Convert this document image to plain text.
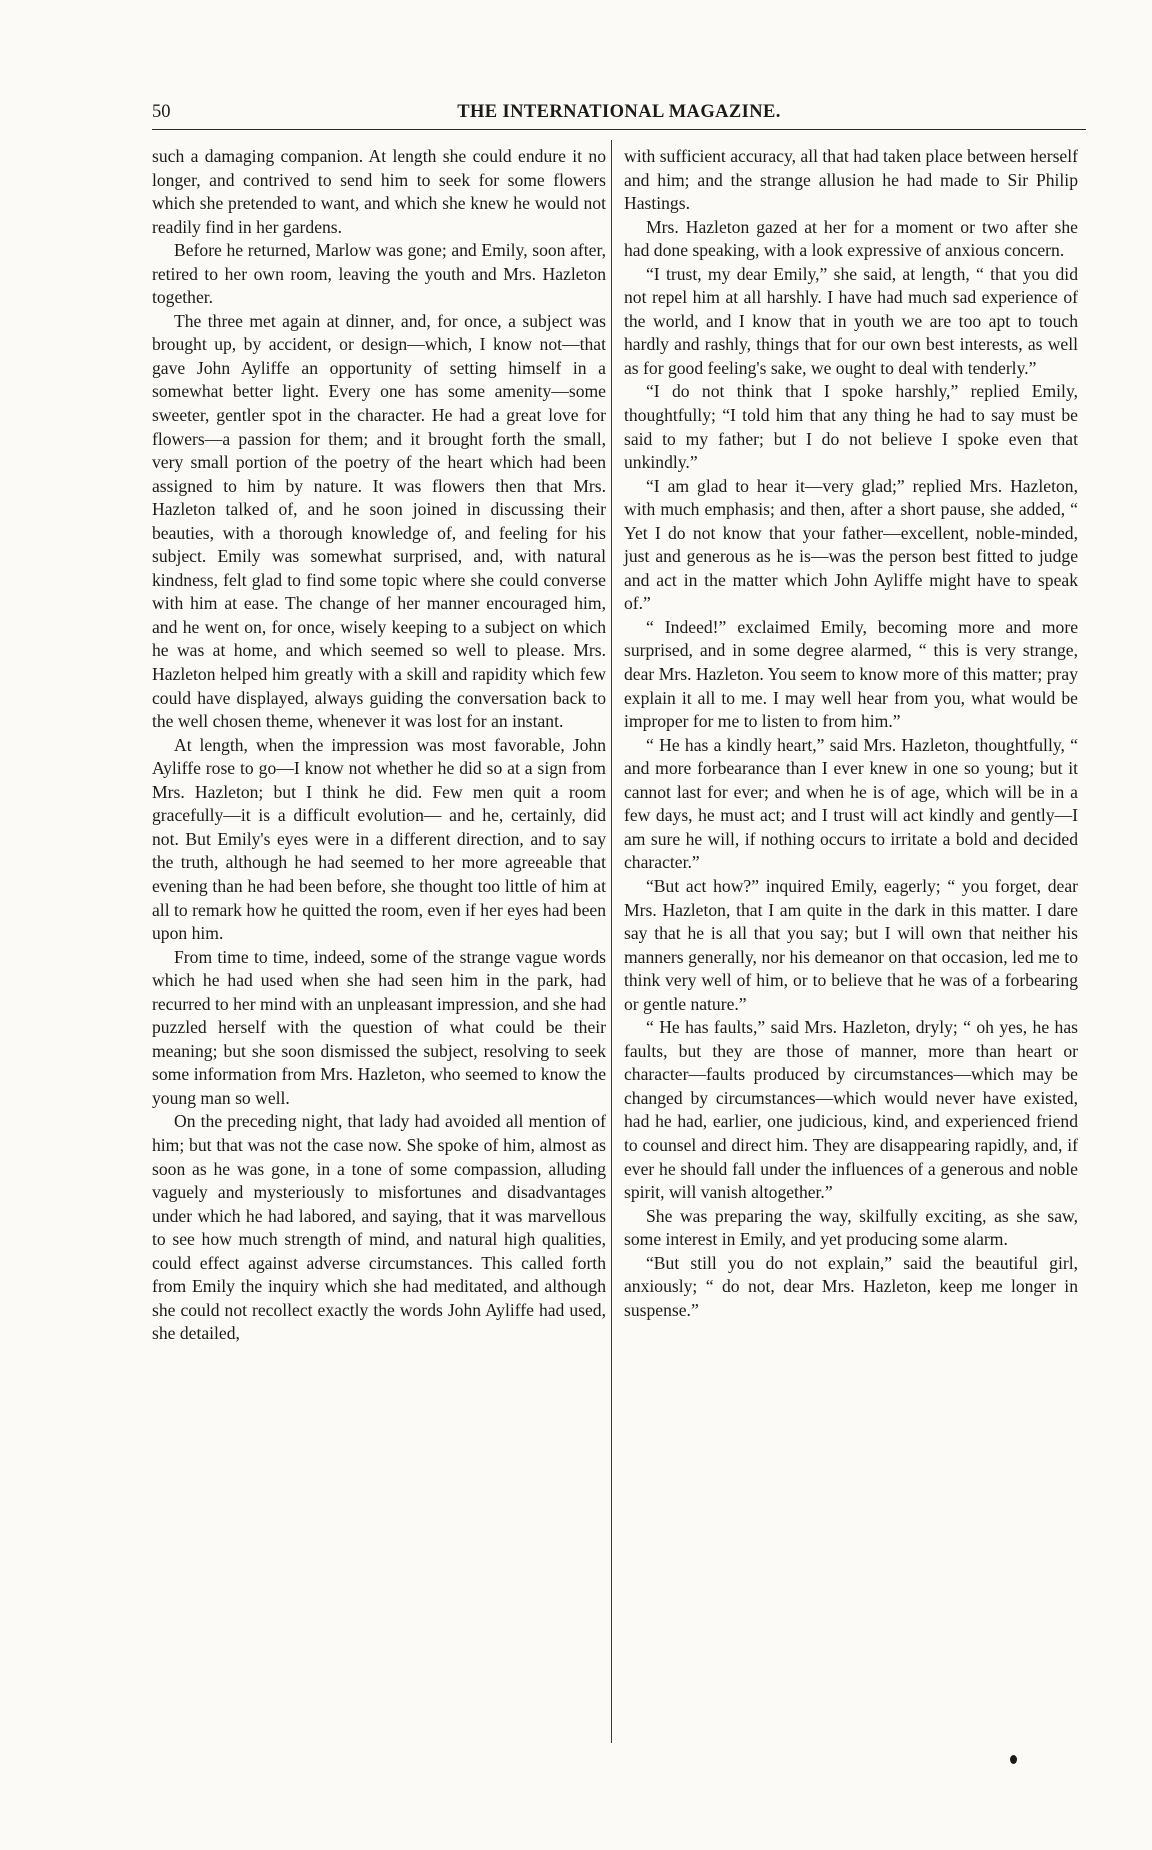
50	THE INTERNATIONAL MAGAZINE.

such a damaging companion. At length she could endure it no longer, and contrived to send him to seek for some flowers which she pretended to want, and which she knew he would not readily find in her gardens.

Before he returned, Marlow was gone; and Emily, soon after, retired to her own room, leaving the youth and Mrs. Hazleton together.

The three met again at dinner, and, for once, a subject was brought up, by accident, or design—which, I know not—that gave John Ayliffe an opportunity of setting himself in a somewhat better light. Every one has some amenity—some sweeter, gentler spot in the character. He had a great love for flowers—a passion for them; and it brought forth the small, very small portion of the poetry of the heart which had been assigned to him by nature. It was flowers then that Mrs. Hazleton talked of, and he soon joined in discussing their beauties, with a thorough knowledge of, and feeling for his subject. Emily was somewhat surprised, and, with natural kindness, felt glad to find some topic where she could converse with him at ease. The change of her manner encouraged him, and he went on, for once, wisely keeping to a subject on which he was at home, and which seemed so well to please. Mrs. Hazleton helped him greatly with a skill and rapidity which few could have displayed, always guiding the conversation back to the well chosen theme, whenever it was lost for an instant.

At length, when the impression was most favorable, John Ayliffe rose to go—I know not whether he did so at a sign from Mrs. Hazleton; but I think he did. Few men quit a room gracefully—it is a difficult evolution— and he, certainly, did not. But Emily's eyes were in a different direction, and to say the truth, although he had seemed to her more agreeable that evening than he had been before, she thought too little of him at all to remark how he quitted the room, even if her eyes had been upon him.

From time to time, indeed, some of the strange vague words which he had used when she had seen him in the park, had recurred to her mind with an unpleasant impression, and she had puzzled herself with the question of what could be their meaning; but she soon dismissed the subject, resolving to seek some information from Mrs. Hazleton, who seemed to know the young man so well.

On the preceding night, that lady had avoided all mention of him; but that was not the case now. She spoke of him, almost as soon as he was gone, in a tone of some compassion, alluding vaguely and mysteriously to misfortunes and disadvantages under which he had labored, and saying, that it was marvellous to see how much strength of mind, and natural high qualities, could effect against adverse circumstances. This called forth from Emily the inquiry which she had meditated, and although she could not recollect exactly the words John Ayliffe had used, she detailed,

with sufficient accuracy, all that had taken place between herself and him; and the strange allusion he had made to Sir Philip Hastings.

Mrs. Hazleton gazed at her for a moment or two after she had done speaking, with a look expressive of anxious concern.

“I trust, my dear Emily,” she said, at length, “ that you did not repel him at all harshly. I have had much sad experience of the world, and I know that in youth we are too apt to touch hardly and rashly, things that for our own best interests, as well as for good feeling's sake, we ought to deal with tenderly.”

“I do not think that I spoke harshly,” replied Emily, thoughtfully; “I told him that any thing he had to say must be said to my father; but I do not believe I spoke even that unkindly.”

“I am glad to hear it—very glad;” replied Mrs. Hazleton, with much emphasis; and then, after a short pause, she added, “ Yet I do not know that your father—excellent, noble-minded, just and generous as he is—was the person best fitted to judge and act in the matter which John Ayliffe might have to speak of.”

“ Indeed!” exclaimed Emily, becoming more and more surprised, and in some degree alarmed, “ this is very strange, dear Mrs. Hazleton. You seem to know more of this matter; pray explain it all to me. I may well hear from you, what would be improper for me to listen to from him.”

“ He has a kindly heart,” said Mrs. Hazleton, thoughtfully, “ and more forbearance than I ever knew in one so young; but it cannot last for ever; and when he is of age, which will be in a few days, he must act; and I trust will act kindly and gently—I am sure he will, if nothing occurs to irritate a bold and decided character.”

“But act how?” inquired Emily, eagerly; “ you forget, dear Mrs. Hazleton, that I am quite in the dark in this matter. I dare say that he is all that you say; but I will own that neither his manners generally, nor his demeanor on that occasion, led me to think very well of him, or to believe that he was of a forbearing or gentle nature.”

“ He has faults,” said Mrs. Hazleton, dryly; “ oh yes, he has faults, but they are those of manner, more than heart or character—faults produced by circumstances—which may be changed by circumstances—which would never have existed, had he had, earlier, one judicious, kind, and experienced friend to counsel and direct him. They are disappearing rapidly, and, if ever he should fall under the influences of a generous and noble spirit, will vanish altogether.”

She was preparing the way, skilfully exciting, as she saw, some interest in Emily, and yet producing some alarm.

“But still you do not explain,” said the beautiful girl, anxiously; “ do not, dear Mrs. Hazleton, keep me longer in suspense.”
